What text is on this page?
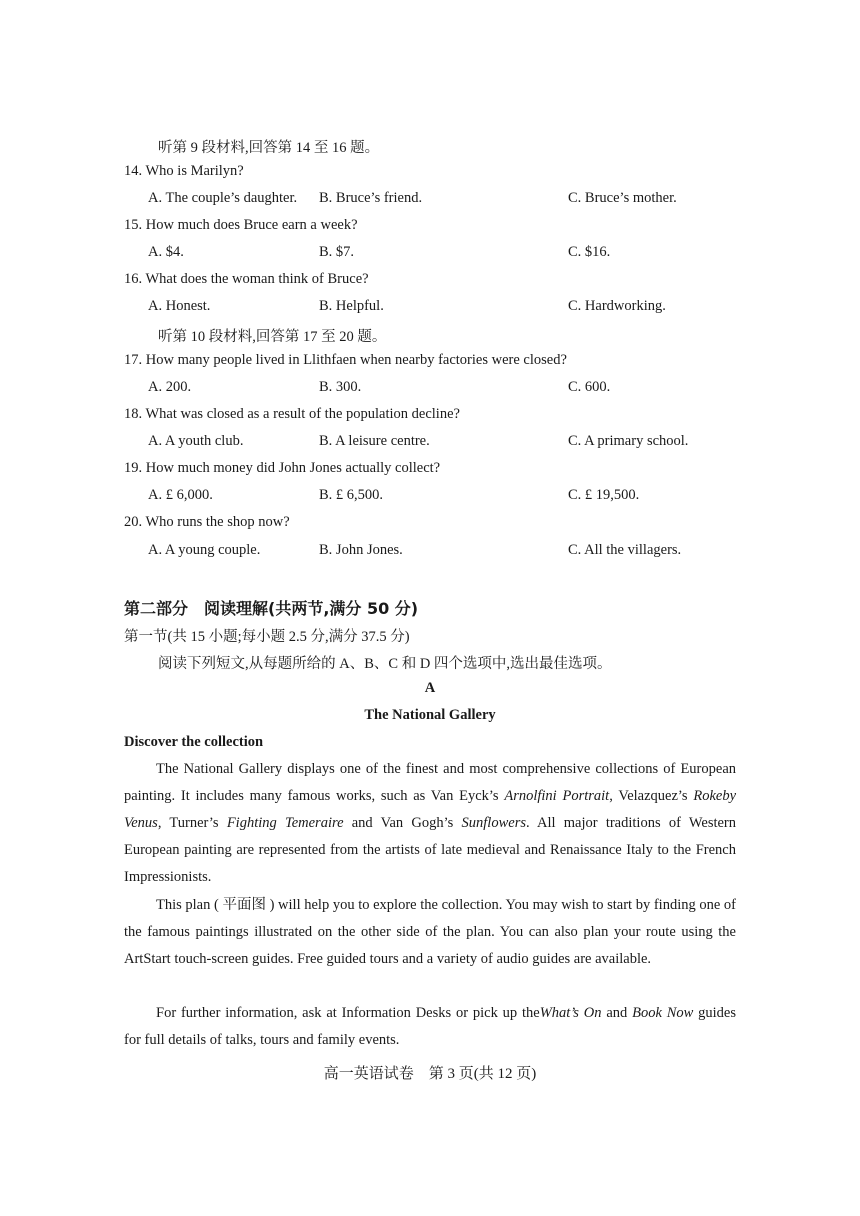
听第 9 段材料,回答第 14 至 16 题。
14. Who is Marilyn?
A. The couple’s daughter. B. Bruce’s friend.	C. Bruce’s mother.
15. How much does Bruce earn a week?
A. $4.	B. $7.	C. $16.
16. What does the woman think of Bruce?
A. Honest.	B. Helpful.	C. Hardworking.
听第 10 段材料,回答第 17 至 20 题。
17. How many people lived in Llithfaen when nearby factories were closed?
A. 200.	B. 300.	C. 600.
18. What was closed as a result of the population decline?
A. A youth club.	B. A leisure centre.	C. A primary school.
19. How much money did John Jones actually collect?
A. £ 6,000.	B. £ 6,500.	C. £ 19,500.
20. Who runs the shop now?
A. A young couple.	B. John Jones.	C. All the villagers.
第二部分　阅读理解(共两节,满分 50 分)
第一节(共 15 小题;每小题 2.5 分,满分 37.5 分)
阅读下列短文,从每题所给的 A、B、C 和 D 四个选项中,选出最佳选项。
A
The National Gallery
Discover the collection
The National Gallery displays one of the finest and most comprehensive collections of European painting. It includes many famous works, such as Van Eyck’s Arnolfini Portrait, Velazquez’s Rokeby Venus, Turner’s Fighting Temeraire and Van Gogh’s Sunflowers. All major traditions of Western European painting are represented from the artists of late medieval and Renaissance Italy to the French Impressionists.
This plan ( 平面图 ) will help you to explore the collection. You may wish to start by finding one of the famous paintings illustrated on the other side of the plan. You can also plan your route using the ArtStart touch-screen guides. Free guided tours and a variety of audio guides are available.
For further information, ask at Information Desks or pick up theWhat’s On and Book Now guides for full details of talks, tours and family events.
高一英语试卷　第 3 页(共 12 页)
